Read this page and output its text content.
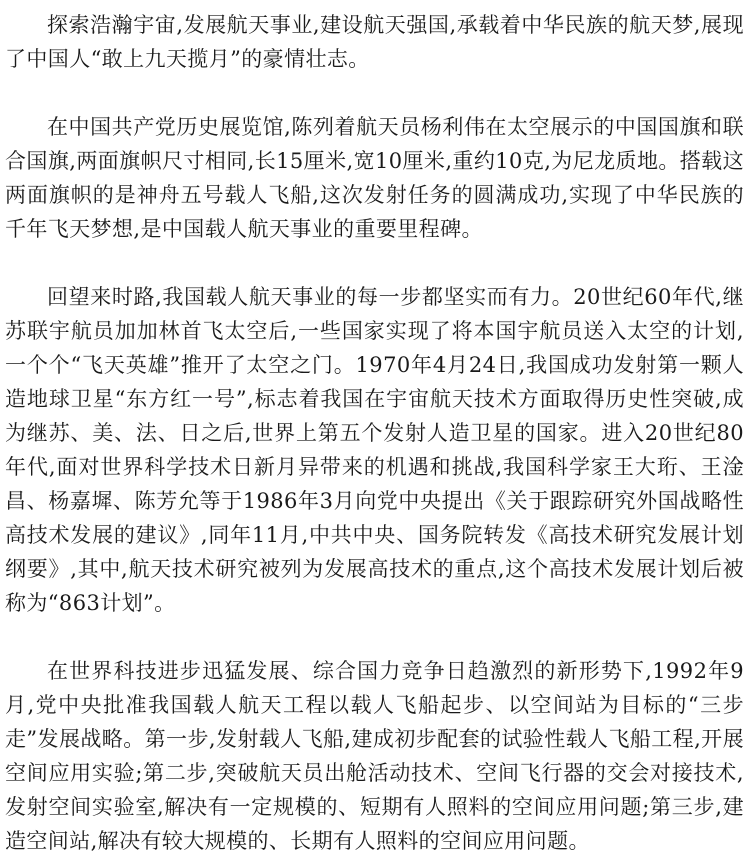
探索浩瀚宇宙,发展航天事业,建设航天强国,承载着中华民族的航天梦,展现了中国人“敢上九天揽月”的豪情壮志。

在中国共产党历史展览馆,陈列着航天员杨利伟在太空展示的中国国旗和联合国旗,两面旗帜尺寸相同,长15厘米,宽10厘米,重约10克,为尼龙质地。搭载这两面旗帜的是神舟五号载人飞船,这次发射任务的圆满成功,实现了中华民族的千年飞天梦想,是中国载人航天事业的重要里程碑。

回望来时路,我国载人航天事业的每一步都坚实而有力。20世纪60年代,继苏联宇航员加加林首飞太空后,一些国家实现了将本国宇航员送入太空的计划,一个个“飞天英雄”推开了太空之门。1970年4月24日,我国成功发射第一颗人造地球卫星“东方红一号”,标志着我国在宇宙航天技术方面取得历史性突破,成为继苏、美、法、日之后,世界上第五个发射人造卫星的国家。进入20世纪80年代,面对世界科学技术日新月异带来的机遇和挑战,我国科学家王大珩、王淦昌、杨嘉墀、陈芳允等于1986年3月向党中央提出《关于跟踪研究外国战略性高技术发展的建议》,同年11月,中共中央、国务院转发《高技术研究发展计划纲要》,其中,航天技术研究被列为发展高技术的重点,这个高技术发展计划后被称为“863计划”。

在世界科技进步迅猛发展、综合国力竞争日趋激烈的新形势下,1992年9月,党中央批准我国载人航天工程以载人飞船起步、以空间站为目标的“三步走”发展战略。第一步,发射载人飞船,建成初步配套的试验性载人飞船工程,开展空间应用实验;第二步,突破航天员出舱活动技术、空间飞行器的交会对接技术,发射空间实验室,解决有一定规模的、短期有人照料的空间应用问题;第三步,建造空间站,解决有较大规模的、长期有人照料的空间应用问题。
